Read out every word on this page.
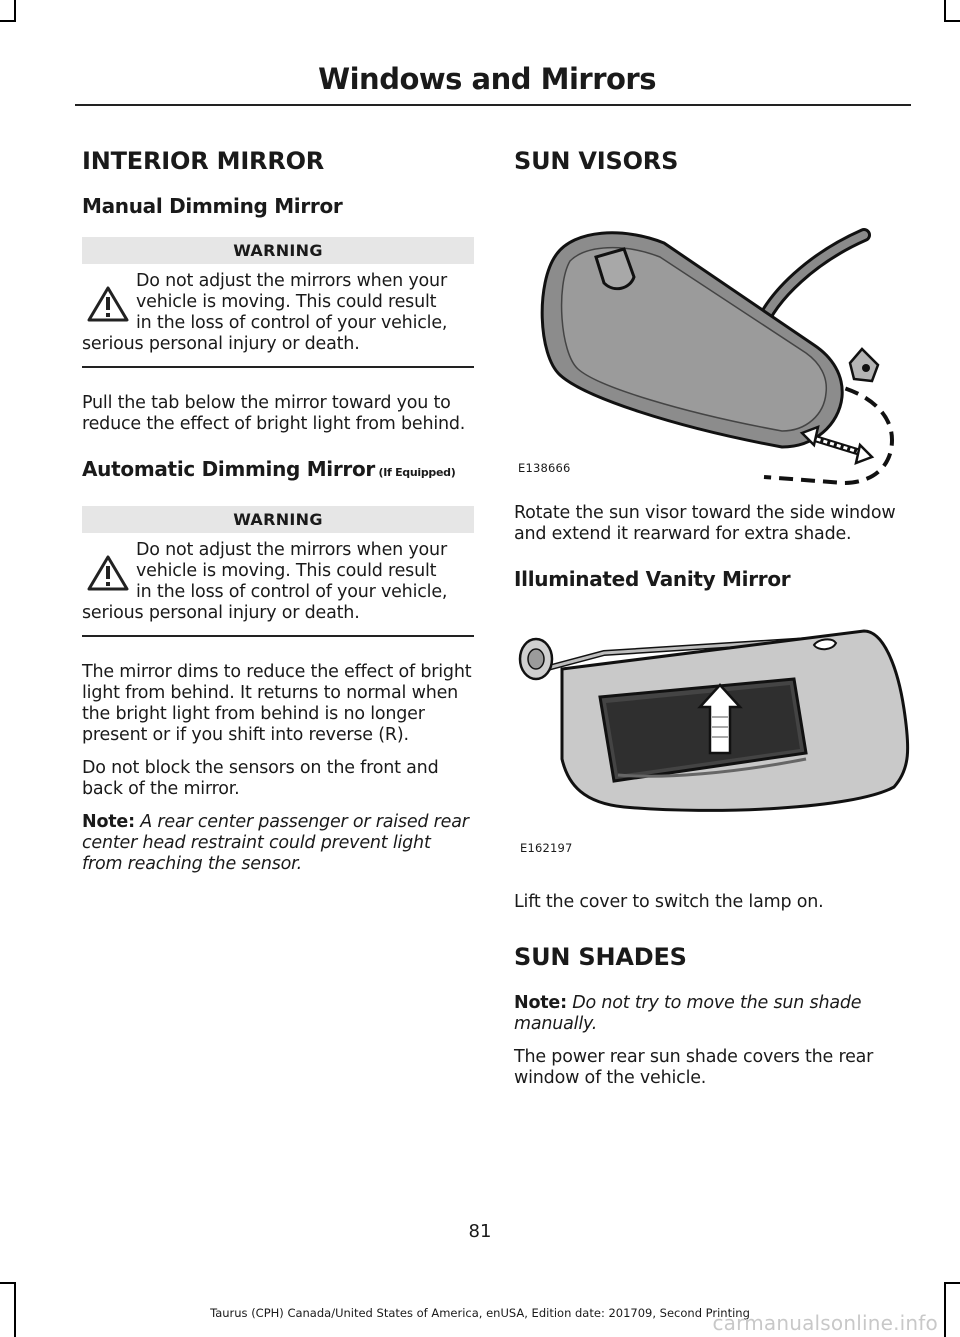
Windows and Mirrors
INTERIOR MIRROR
Manual Dimming Mirror
WARNING
Do not adjust the mirrors when your
vehicle is moving. This could result
in the loss of control of your vehicle,
serious personal injury or death.
Pull the tab below the mirror toward you to reduce the effect of bright light from behind.
Automatic Dimming Mirror (If Equipped)
WARNING
Do not adjust the mirrors when your
vehicle is moving. This could result
in the loss of control of your vehicle,
serious personal injury or death.
The mirror dims to reduce the effect of bright light from behind. It returns to normal when the bright light from behind is no longer present or if you shift into reverse (R).
Do not block the sensors on the front and back of the mirror.
Note: A rear center passenger or raised rear center head restraint could prevent light from reaching the sensor.
SUN VISORS
E138666
Rotate the sun visor toward the side window and extend it rearward for extra shade.
Illuminated Vanity Mirror
E162197
Lift the cover to switch the lamp on.
SUN SHADES
Note: Do not try to move the sun shade manually.
The power rear sun shade covers the rear window of the vehicle.
81
Taurus (CPH) Canada/United States of America, enUSA, Edition date: 201709, Second Printing
carmanualsonline.info
